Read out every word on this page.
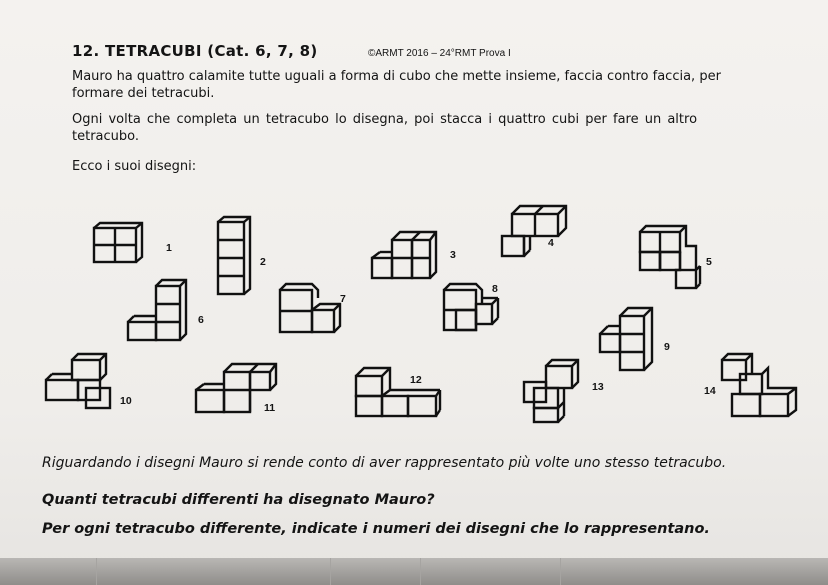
12. TETRACUBI (Cat. 6, 7, 8)	©ARMT 2016 – 24°RMT Prova I
Mauro ha quattro calamite tutte uguali a forma di cubo che mette insieme, faccia contro faccia, per
formare dei tetracubi.
Ogni volta che completa un tetracubo lo disegna, poi stacca i quattro cubi per fare un altro
tetracubo.
Ecco i suoi disegni:
1
2
3
4
5
6
7
8
9
10
11
12
13	14
Riguardando i disegni Mauro si rende conto di aver rappresentato più volte uno stesso tetracubo.
Quanti tetracubi differenti ha disegnato Mauro?
Per ogni tetracubo differente, indicate i numeri dei disegni che lo rappresentano.
